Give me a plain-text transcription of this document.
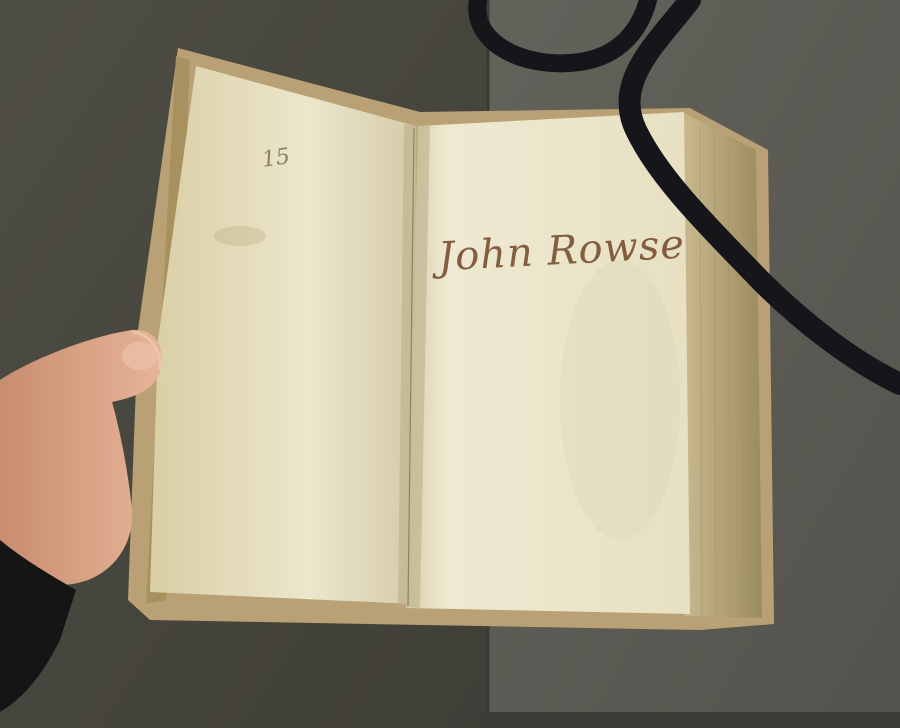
15
John Rowse
